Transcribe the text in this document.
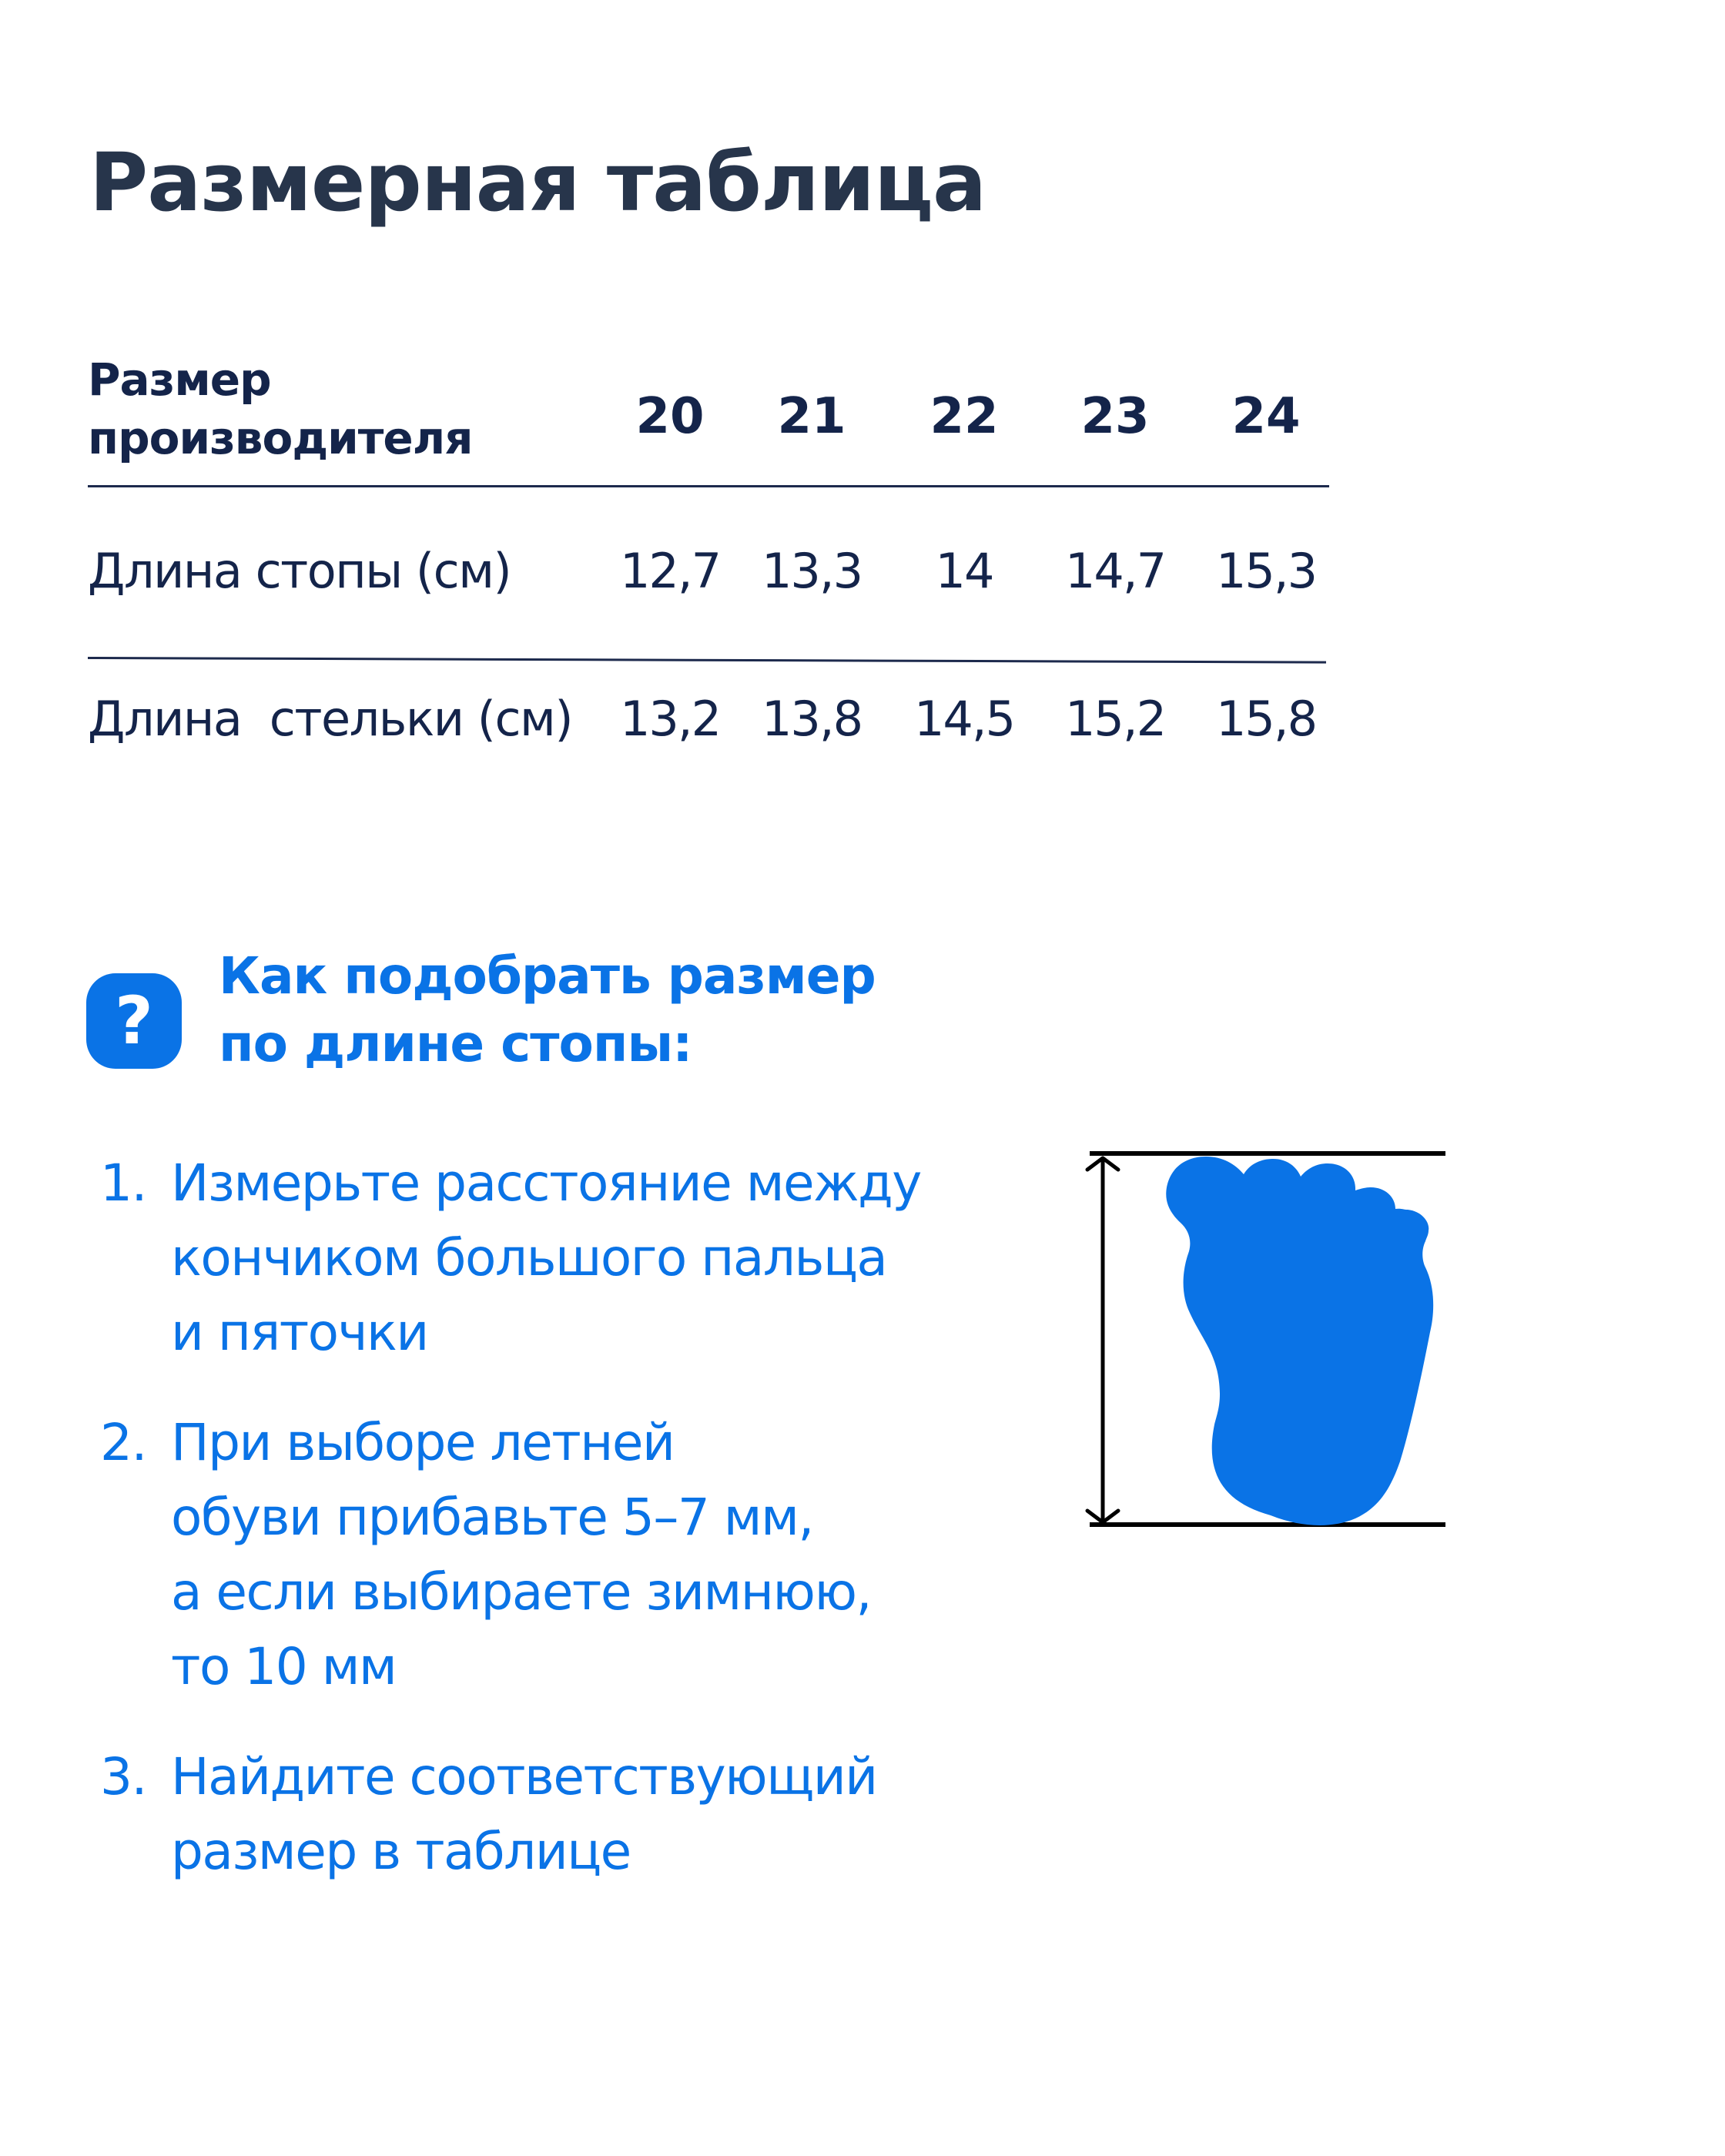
Размерная таблица
Размер
производителя	20	21	22	23	24
Длина стопы (см)	12,7 13,3	14	14,7	15,3
Длина  стельки (см) 13,2 13,8	14,5	15,2	15,8
?
Как подобрать размер
по длине стопы:
1. Измерьте расстояние между
кончиком большого пальца
и пяточки
2. При выборе летней
обуви прибавьте 5–7 мм,
а если выбираете зимнюю,
то 10 мм
3. Найдите соответствующий
размер в таблице
